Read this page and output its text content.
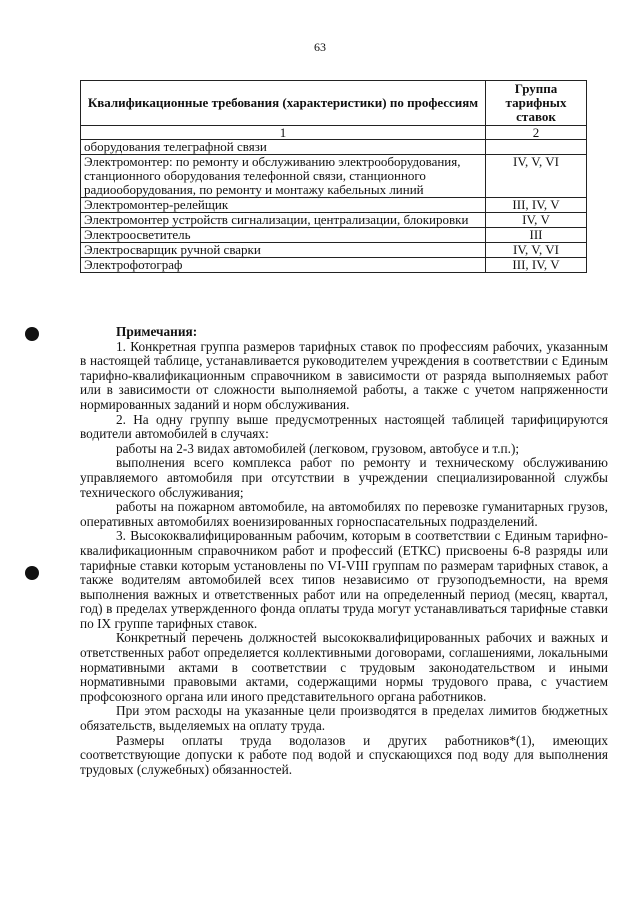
63
Квалификационные требования (характеристики) по профессиям	Группа тарифных ставок
1	2
оборудования телеграфной связи	
Электромонтер: по ремонту и обслуживанию электрооборудования, станционного оборудования телефонной связи, станционного радиооборудования, по ремонту и монтажу кабельных линий	IV, V, VI
Электромонтер-релейщик	III, IV, V
Электромонтер устройств сигнализации, централизации, блокировки	IV, V
Электроосветитель	III
Электросварщик ручной сварки	IV, V, VI
Электрофотограф	III, IV, V

Примечания:

1. Конкретная группа размеров тарифных ставок по профессиям рабочих, указанным в настоящей таблице, устанавливается руководителем учреждения в соответствии с Единым тарифно-квалификационным справочником в зависимости от разряда выполняемых работ или в зависимости от сложности выполняемой работы, а также с учетом напряженности нормированных заданий и норм обслуживания.

2. На одну группу выше предусмотренных настоящей таблицей тарифицируются водители автомобилей в случаях:

работы на 2-3 видах автомобилей (легковом, грузовом, автобусе и т.п.);

выполнения всего комплекса работ по ремонту и техническому обслуживанию управляемого автомобиля при отсутствии в учреждении специализированной службы технического обслуживания;

работы на пожарном автомобиле, на автомобилях по перевозке гуманитарных грузов, оперативных автомобилях военизированных горноспасательных подразделений.

3. Высококвалифицированным рабочим, которым в соответствии с Единым тарифно-квалификационным справочником работ и профессий (ЕТКС) присвоены 6-8 разряды или тарифные ставки которым установлены по VI-VIII группам по размерам тарифных ставок, а также водителям автомобилей всех типов независимо от грузоподъемности, на время выполнения важных и ответственных работ или на определенный период (месяц, квартал, год) в пределах утвержденного фонда оплаты труда могут устанавливаться тарифные ставки по IX группе тарифных ставок.

Конкретный перечень должностей высококвалифицированных рабочих и важных и ответственных работ определяется коллективными договорами, соглашениями, локальными нормативными актами в соответствии с трудовым законодательством и иными нормативными правовыми актами, содержащими нормы трудового права, с участием профсоюзного органа или иного представительного органа работников.

При этом расходы на указанные цели производятся в пределах лимитов бюджетных обязательств, выделяемых на оплату труда.

Размеры оплаты труда водолазов и других работников*(1), имеющих соответствующие допуски к работе под водой и спускающихся под воду для выполнения трудовых (служебных) обязанностей.
